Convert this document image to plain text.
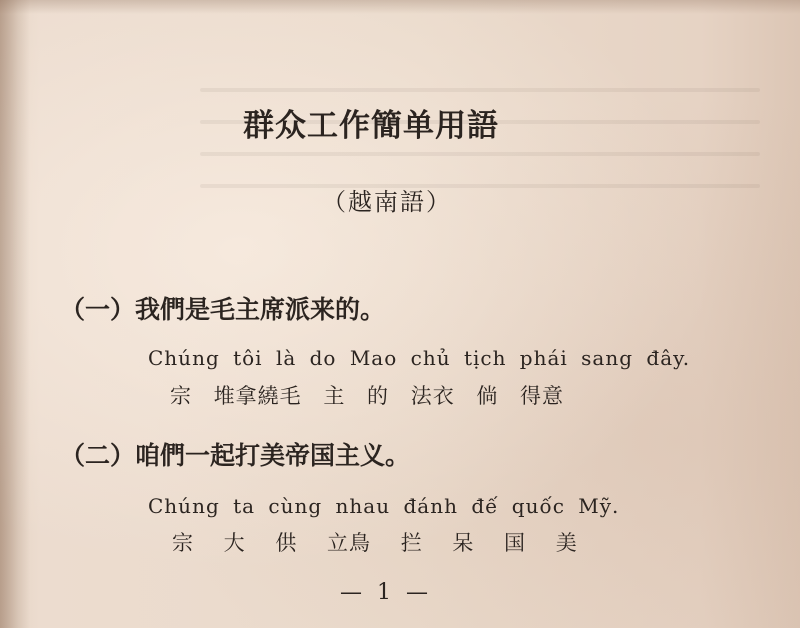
群众工作簡单用語
（越南語）
（一）我們是毛主席派来的。
Chúng tôi là do Mao chủ tịch phái sang đây.
宗 堆拿繞毛 主 的 法衣 倘 得意
（二）咱們一起打美帝国主义。
Chúng ta cùng nhau đánh đế quốc Mỹ.
宗 大 供 立鳥 拦 呆 国 美
— 1 —
